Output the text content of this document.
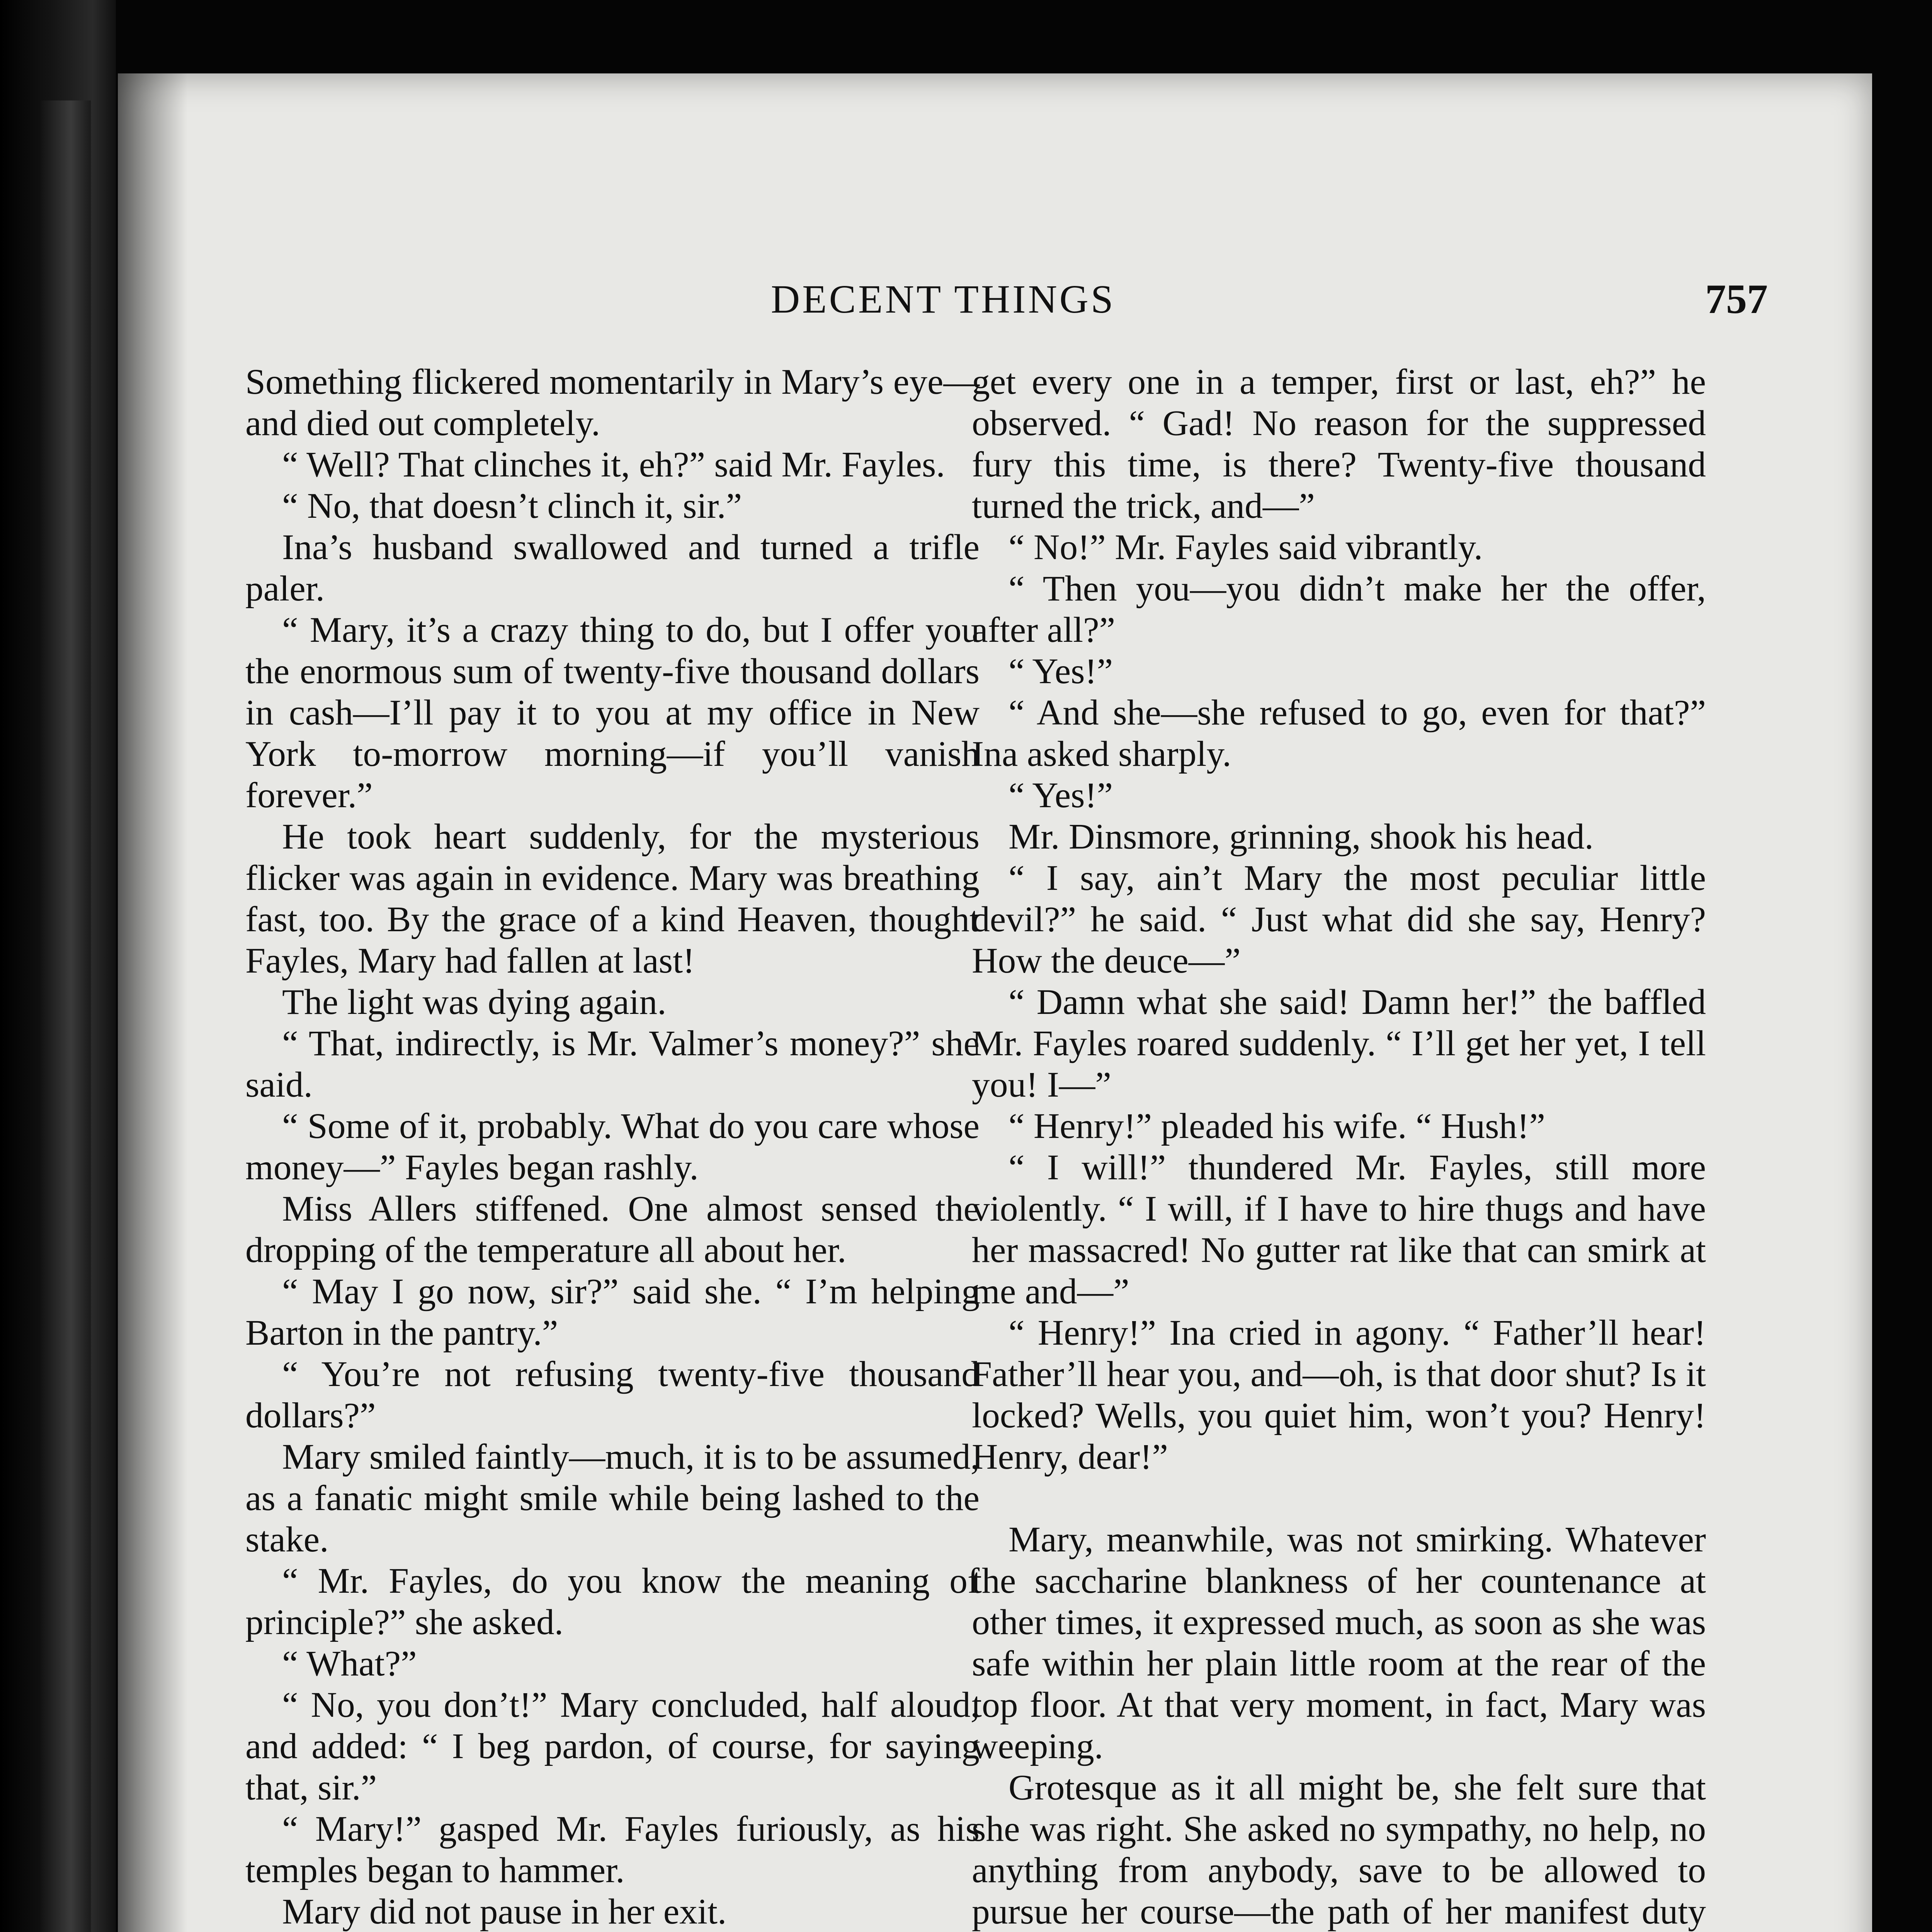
DECENT THINGS	757

Something flickered momentarily in Mary’s eye—and died out completely.

“ Well? That clinches it, eh?” said Mr. Fayles.

“ No, that doesn’t clinch it, sir.”

Ina’s husband swallowed and turned a trifle paler.

“ Mary, it’s a crazy thing to do, but I offer you the enormous sum of twenty-five thousand dollars in cash—I’ll pay it to you at my office in New York to-morrow morning—if you’ll vanish forever.”

He took heart suddenly, for the mysterious flicker was again in evidence. Mary was breathing fast, too. By the grace of a kind Heaven, thought Fayles, Mary had fallen at last!

The light was dying again.

“ That, indirectly, is Mr. Valmer’s money?” she said.

“ Some of it, probably. What do you care whose money—” Fayles began rashly.

Miss Allers stiffened. One almost sensed the dropping of the temperature all about her.

“ May I go now, sir?” said she. “ I’m helping Barton in the pantry.”

“ You’re not refusing twenty-five thousand dollars?”

Mary smiled faintly—much, it is to be assumed, as a fanatic might smile while being lashed to the stake.

“ Mr. Fayles, do you know the meaning of principle?” she asked.

“ What?”

“ No, you don’t!” Mary concluded, half aloud, and added: “ I beg pardon, of course, for saying that, sir.”

“ Mary!” gasped Mr. Fayles furiously, as his temples began to hammer.

Mary did not pause in her exit.

get every one in a temper, first or last, eh?” he observed. “ Gad! No reason for the suppressed fury this time, is there? Twenty-five thousand turned the trick, and—”

“ No!” Mr. Fayles said vibrantly.

“ Then you—you didn’t make her the offer, after all?”

“ Yes!”

“ And she—she refused to go, even for that?” Ina asked sharply.

“ Yes!”

Mr. Dinsmore, grinning, shook his head.

“ I say, ain’t Mary the most peculiar little devil?” he said. “ Just what did she say, Henry? How the deuce—”

“ Damn what she said! Damn her!” the baffled Mr. Fayles roared suddenly. “ I’ll get her yet, I tell you! I—”

“ Henry!” pleaded his wife. “ Hush!”

“ I will!” thundered Mr. Fayles, still more violently. “ I will, if I have to hire thugs and have her massacred! No gutter rat like that can smirk at me and—”

“ Henry!” Ina cried in agony. “ Father’ll hear! Father’ll hear you, and—oh, is that door shut? Is it locked? Wells, you quiet him, won’t you? Henry! Henry, dear!”

Mary, meanwhile, was not smirking. Whatever the saccharine blankness of her countenance at other times, it expressed much, as soon as she was safe within her plain little room at the rear of the top floor. At that very moment, in fact, Mary was weeping.

Grotesque as it all might be, she felt sure that she was right. She asked no sympathy, no help, no anything from anybody, save to be allowed to pursue her course—the path of her manifest duty
